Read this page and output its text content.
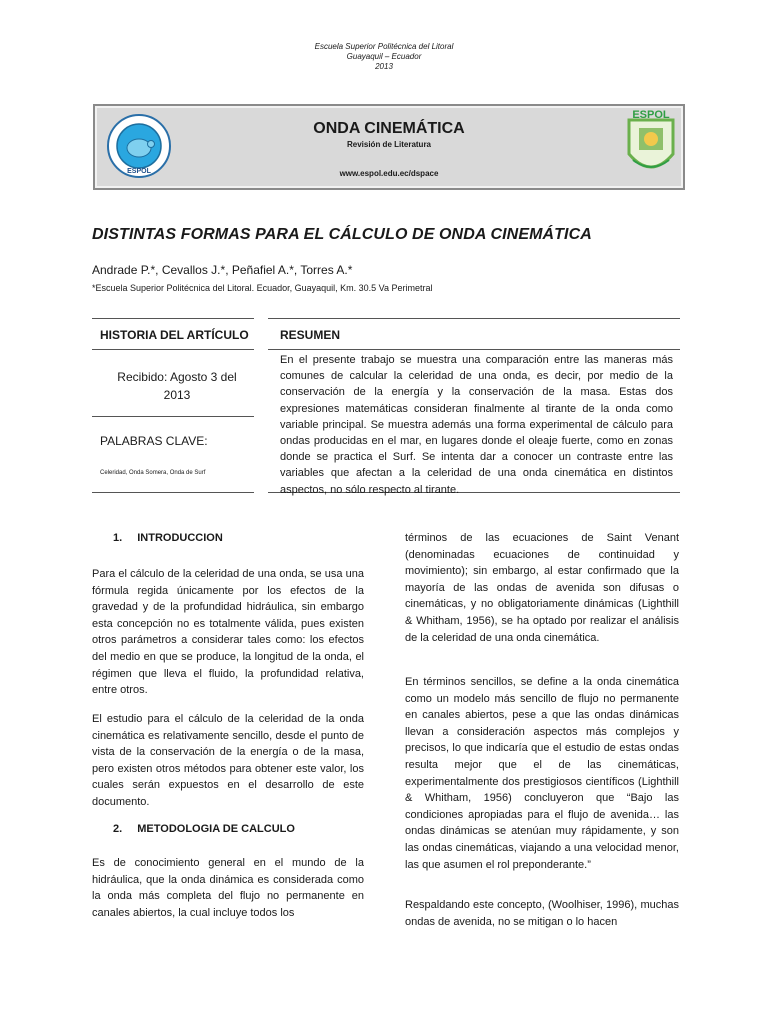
Escuela Superior Politécnica del Litoral
Guayaquil – Ecuador
2013
ESPOL
ONDA CINEMÁTICA
Revisión de Literatura
www.espol.edu.ec/dspace
ESPOL
DISTINTAS FORMAS PARA EL CÁLCULO DE ONDA CINEMÁTICA
Andrade P.*, Cevallos J.*, Peñafiel A.*, Torres A.*
*Escuela Superior Politécnica del Litoral. Ecuador, Guayaquil, Km. 30.5 Va Perimetral
HISTORIA DEL ARTÍCULO
Recibido: Agosto 3 del
2013
PALABRAS CLAVE:
Celeridad, Onda Somera, Onda de Surf
RESUMEN
En el presente trabajo se muestra una comparación entre las maneras más comunes de calcular la celeridad de una onda, es decir, por medio de la conservación de la energía y la conservación de la masa. Estas dos expresiones matemáticas consideran finalmente al tirante de la onda como variable principal. Se muestra además una forma experimental de cálculo para ondas producidas en el mar, en lugares donde el oleaje fuerte, como en zonas donde se practica el Surf. Se intenta dar a conocer un contraste entre las variables que afectan a la celeridad de una onda cinemática en distintos aspectos, no sólo respecto al tirante.
1. INTRODUCCION
Para el cálculo de la celeridad de una onda, se usa una fórmula regida únicamente por los efectos de la gravedad y de la profundidad hidráulica, sin embargo esta concepción no es totalmente válida, pues existen otros parámetros a considerar tales como: los efectos del medio en que se produce, la longitud de la onda, el régimen que lleva el fluido, la profundidad relativa, entre otros.
El estudio para el cálculo de la celeridad de la onda cinemática es relativamente sencillo, desde el punto de vista de la conservación de la energía o de la masa, pero existen otros métodos para obtener este valor, los cuales serán expuestos en el desarrollo de este documento.
2. METODOLOGIA DE CALCULO
Es de conocimiento general en el mundo de la hidráulica, que la onda dinámica es considerada como la onda más completa del flujo no permanente en canales abiertos, la cual incluye todos los
términos de las ecuaciones de Saint Venant (denominadas ecuaciones de continuidad y movimiento); sin embargo, al estar confirmado que la mayoría de las ondas de avenida son difusas o cinemáticas, y no obligatoriamente dinámicas (Lighthill & Whitham, 1956), se ha optado por realizar el análisis de la celeridad de una onda cinemática.
En términos sencillos, se define a la onda cinemática como un modelo más sencillo de flujo no permanente en canales abiertos, pese a que las ondas dinámicas llevan a consideración aspectos más complejos y precisos, lo que indicaría que el estudio de estas ondas resulta mejor que el de las cinemáticas, experimentalmente dos prestigiosos científicos (Lighthill & Whitham, 1956) concluyeron que “Bajo las condiciones apropiadas para el flujo de avenida… las ondas dinámicas se atenúan muy rápidamente, y son las ondas cinemáticas, viajando a una velocidad menor, las que asumen el rol preponderante.”
Respaldando este concepto, (Woolhiser, 1996), muchas ondas de avenida, no se mitigan o lo hacen
